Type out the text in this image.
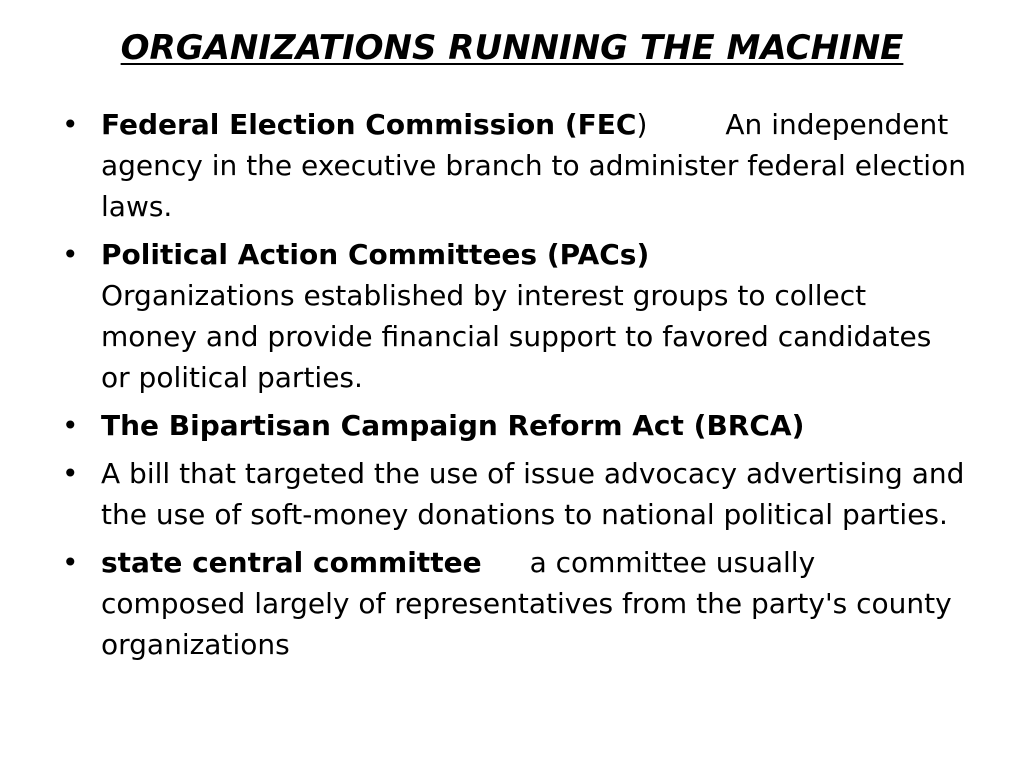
ORGANIZATIONS RUNNING THE MACHINE
• Federal Election Commission (FEC)	An independent agency in the executive branch to administer federal election laws.
• Political Action Committees (PACs)Organizations established by interest groups to collect money and provide financial support to favored candidates or political parties.
• The Bipartisan Campaign Reform Act (BRCA)
• A bill that targeted the use of issue advocacy advertising and the use of soft-money donations to national political parties.
• state central committee a committee usually composed largely of representatives from the party's county organizations
